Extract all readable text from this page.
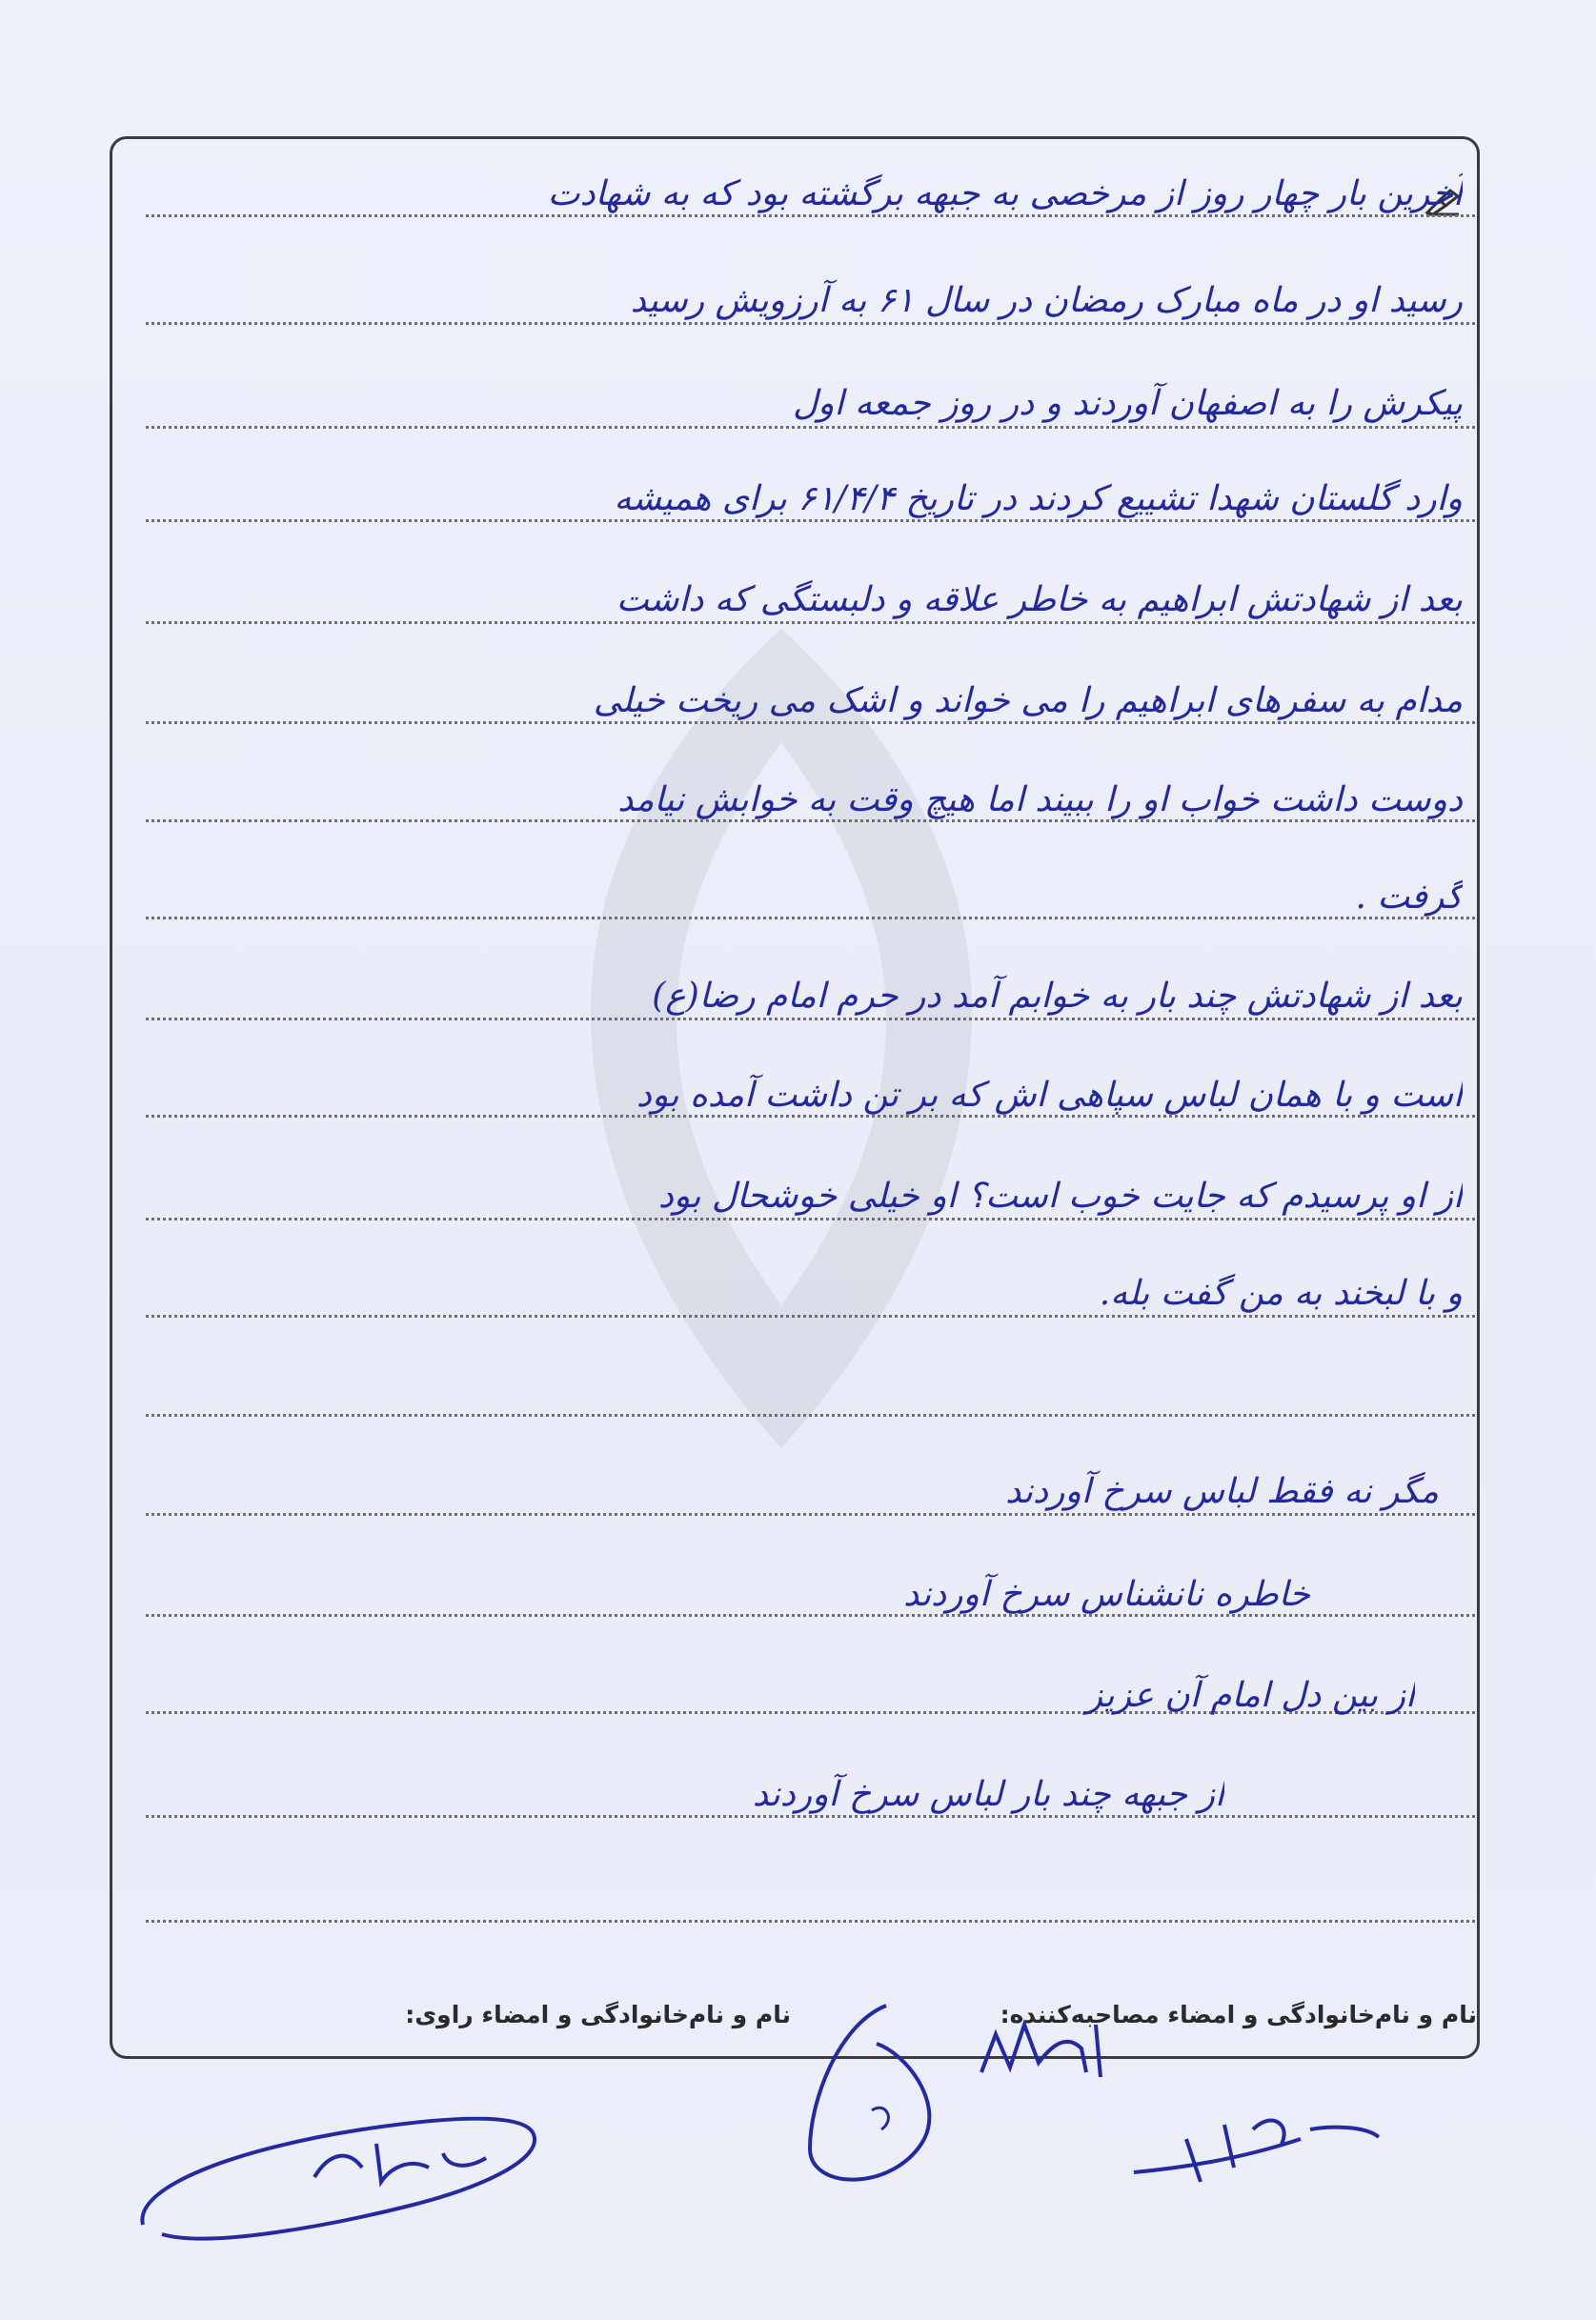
آخرین بار چهار روز از مرخصی به جبهه برگشته بود که به شهادت
رسید او در ماه مبارک رمضان در سال ۶۱ به آرزویش رسید
پیکرش را به اصفهان آوردند و در روز جمعه اول
وارد گلستان شهدا تشییع کردند در تاریخ ۶۱/۴/۴ برای همیشه
بعد از شهادتش ابراهیم به خاطر علاقه و دلبستگی که داشت
مدام به سفرهای ابراهیم را می خواند و اشک می ریخت خیلی
دوست داشت خواب او را ببیند اما هیچ وقت به خوابش نیامد
گرفت .
بعد از شهادتش چند بار به خوابم آمد در حرم امام رضا(ع)
است و با همان لباس سپاهی اش که بر تن داشت آمده بود
از او پرسیدم که جایت خوب است؟ او خیلی خوشحال بود
و با لبخند به من گفت بله.
مگر نه فقط لباس سرخ آوردند
خاطره نانشناس سرخ آوردند
از بین دل امام آن عزیز
از جبهه چند بار لباس سرخ آوردند
نام و نام‌خانوادگی و امضاء مصاحبه‌کننده:
نام و نام‌خانوادگی و امضاء راوی:
